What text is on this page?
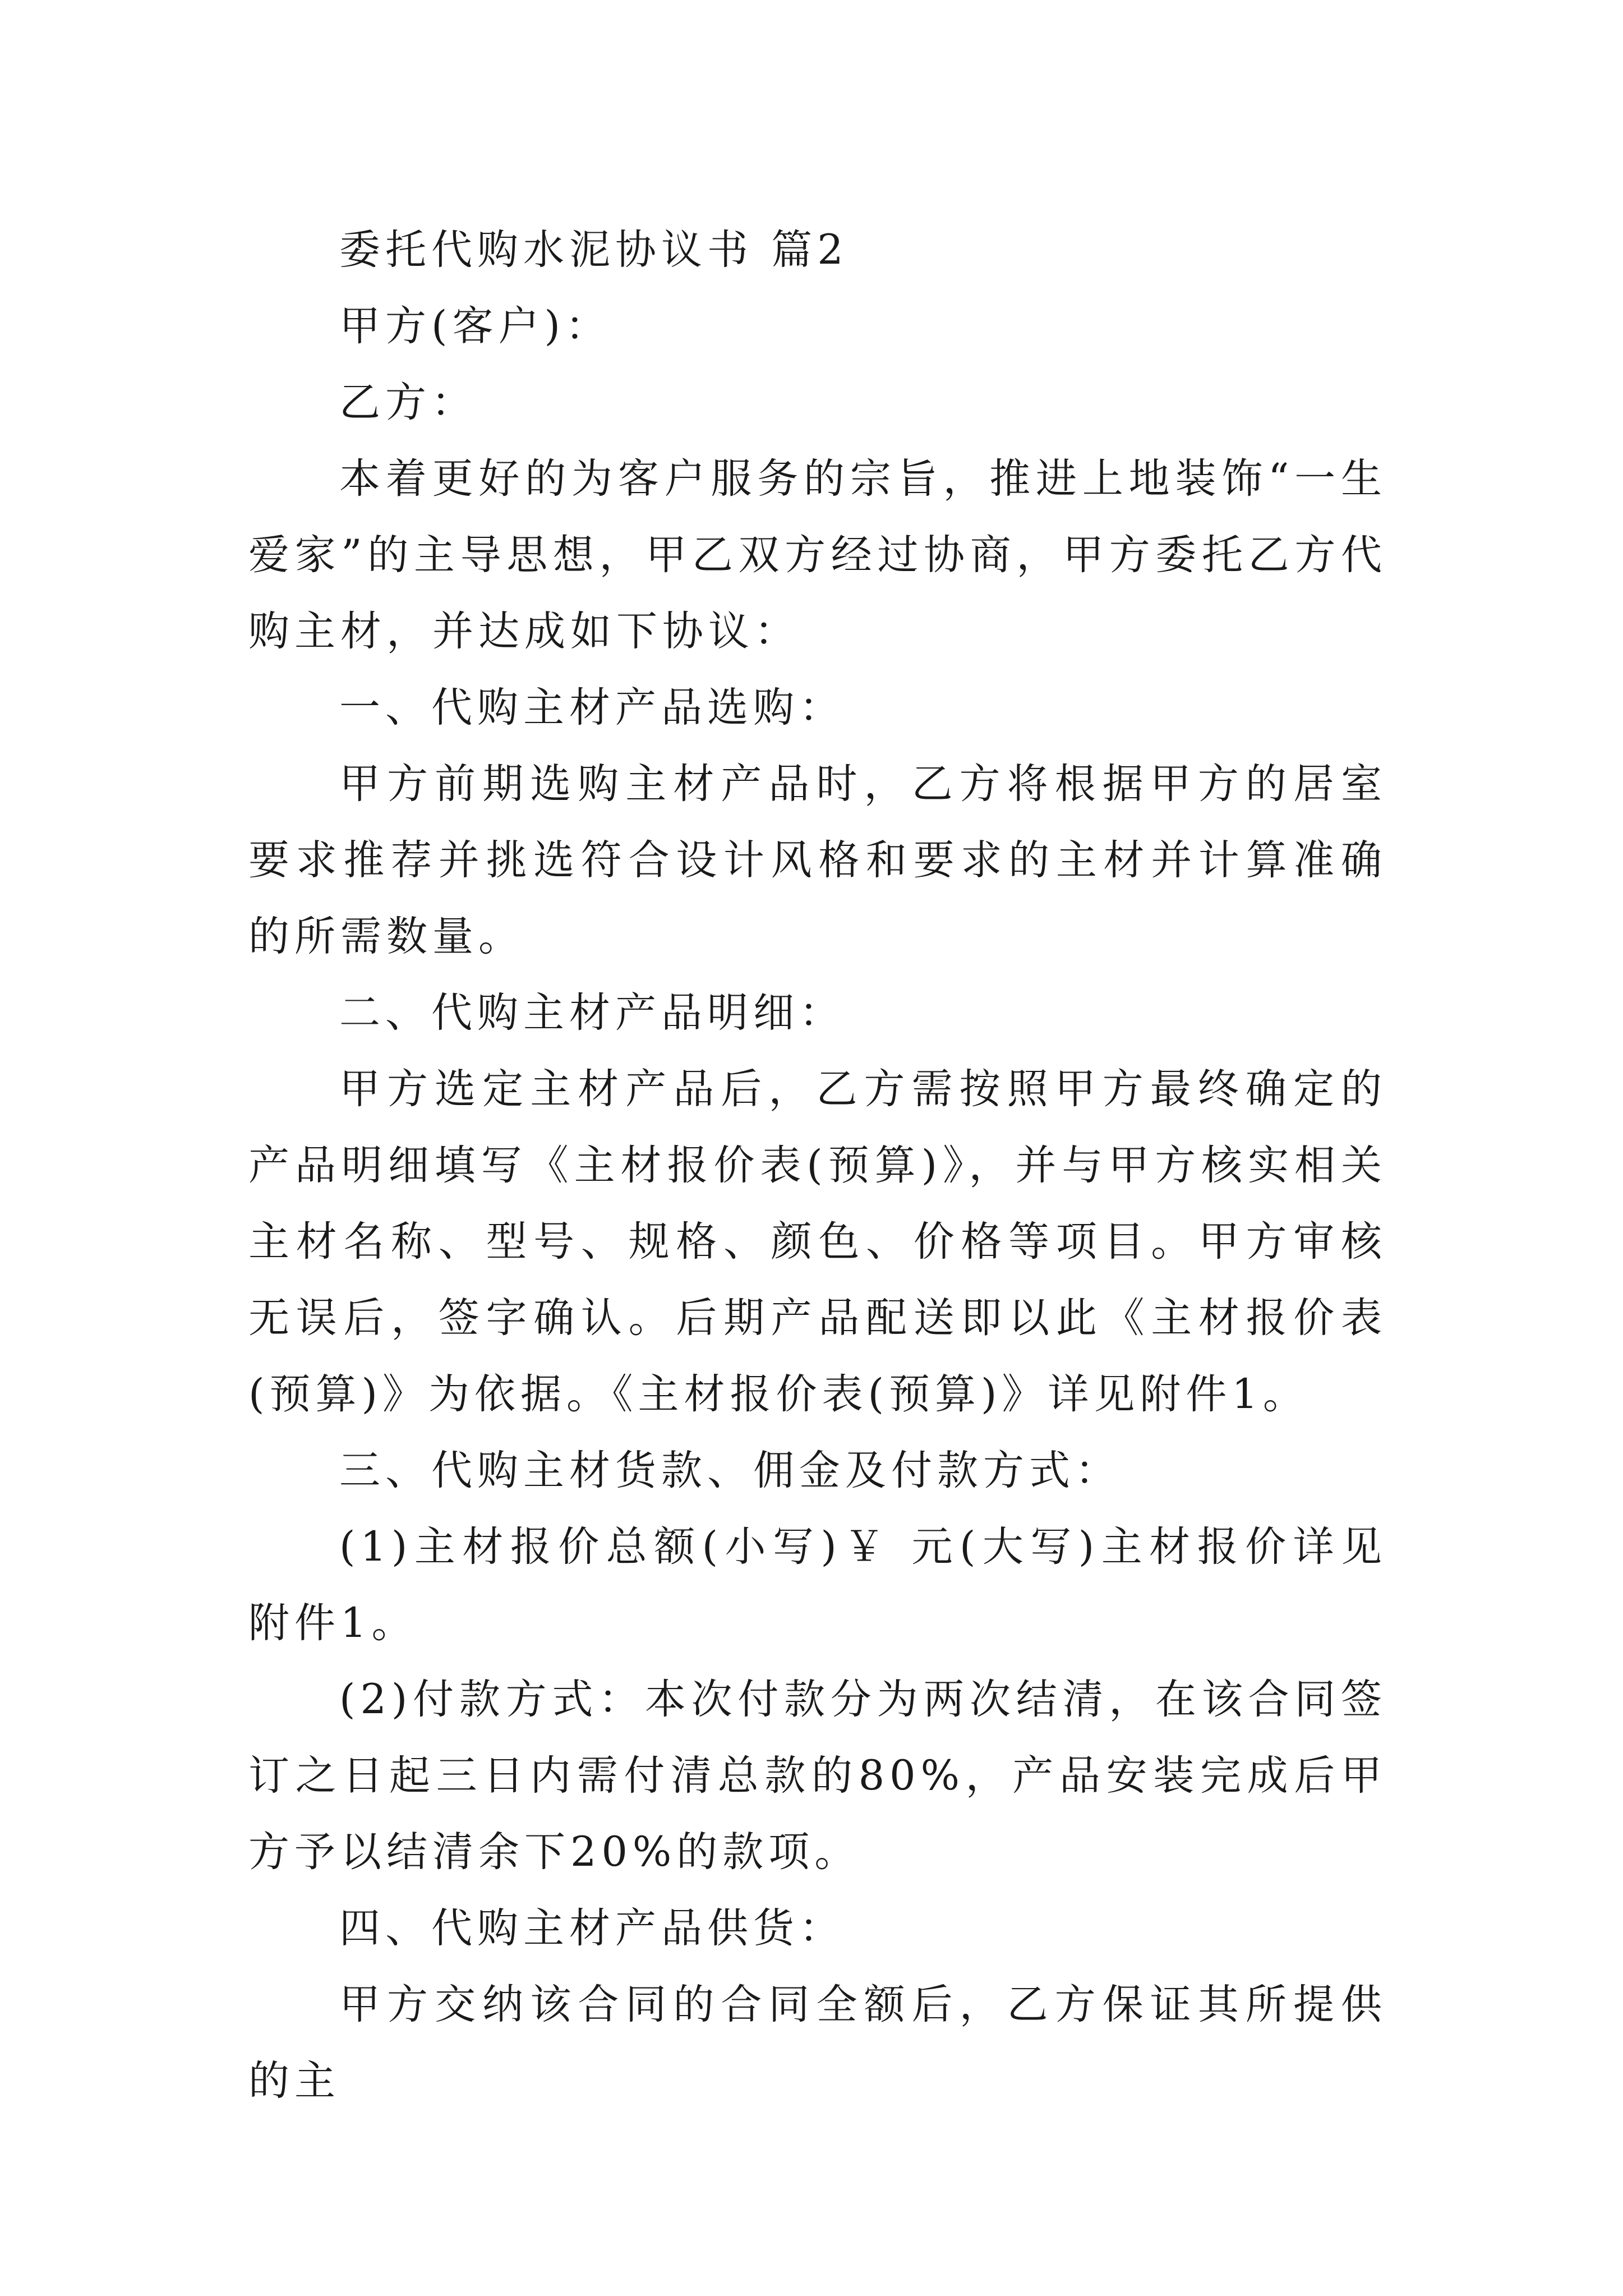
委托代购水泥协议书 篇2

甲方(客户)：

乙方：

本着更好的为客户服务的宗旨，推进上地装饰“一生爱家”的主导思想，甲乙双方经过协商，甲方委托乙方代购主材，并达成如下协议：

一、代购主材产品选购：

甲方前期选购主材产品时，乙方将根据甲方的居室要求推荐并挑选符合设计风格和要求的主材并计算准确的所需数量。

二、代购主材产品明细：

甲方选定主材产品后，乙方需按照甲方最终确定的产品明细填写《主材报价表(预算)》，并与甲方核实相关主材名称、型号、规格、颜色、价格等项目。甲方审核无误后，签字确认。后期产品配送即以此《主材报价表(预算)》为依据。《主材报价表(预算)》详见附件1。

三、代购主材货款、佣金及付款方式：

(1)主材报价总额(小写)￥ 元(大写)主材报价详见附件1。

(2)付款方式：本次付款分为两次结清，在该合同签订之日起三日内需付清总款的80%，产品安装完成后甲方予以结清余下20%的款项。

四、代购主材产品供货：

甲方交纳该合同的合同全额后，乙方保证其所提供的主
